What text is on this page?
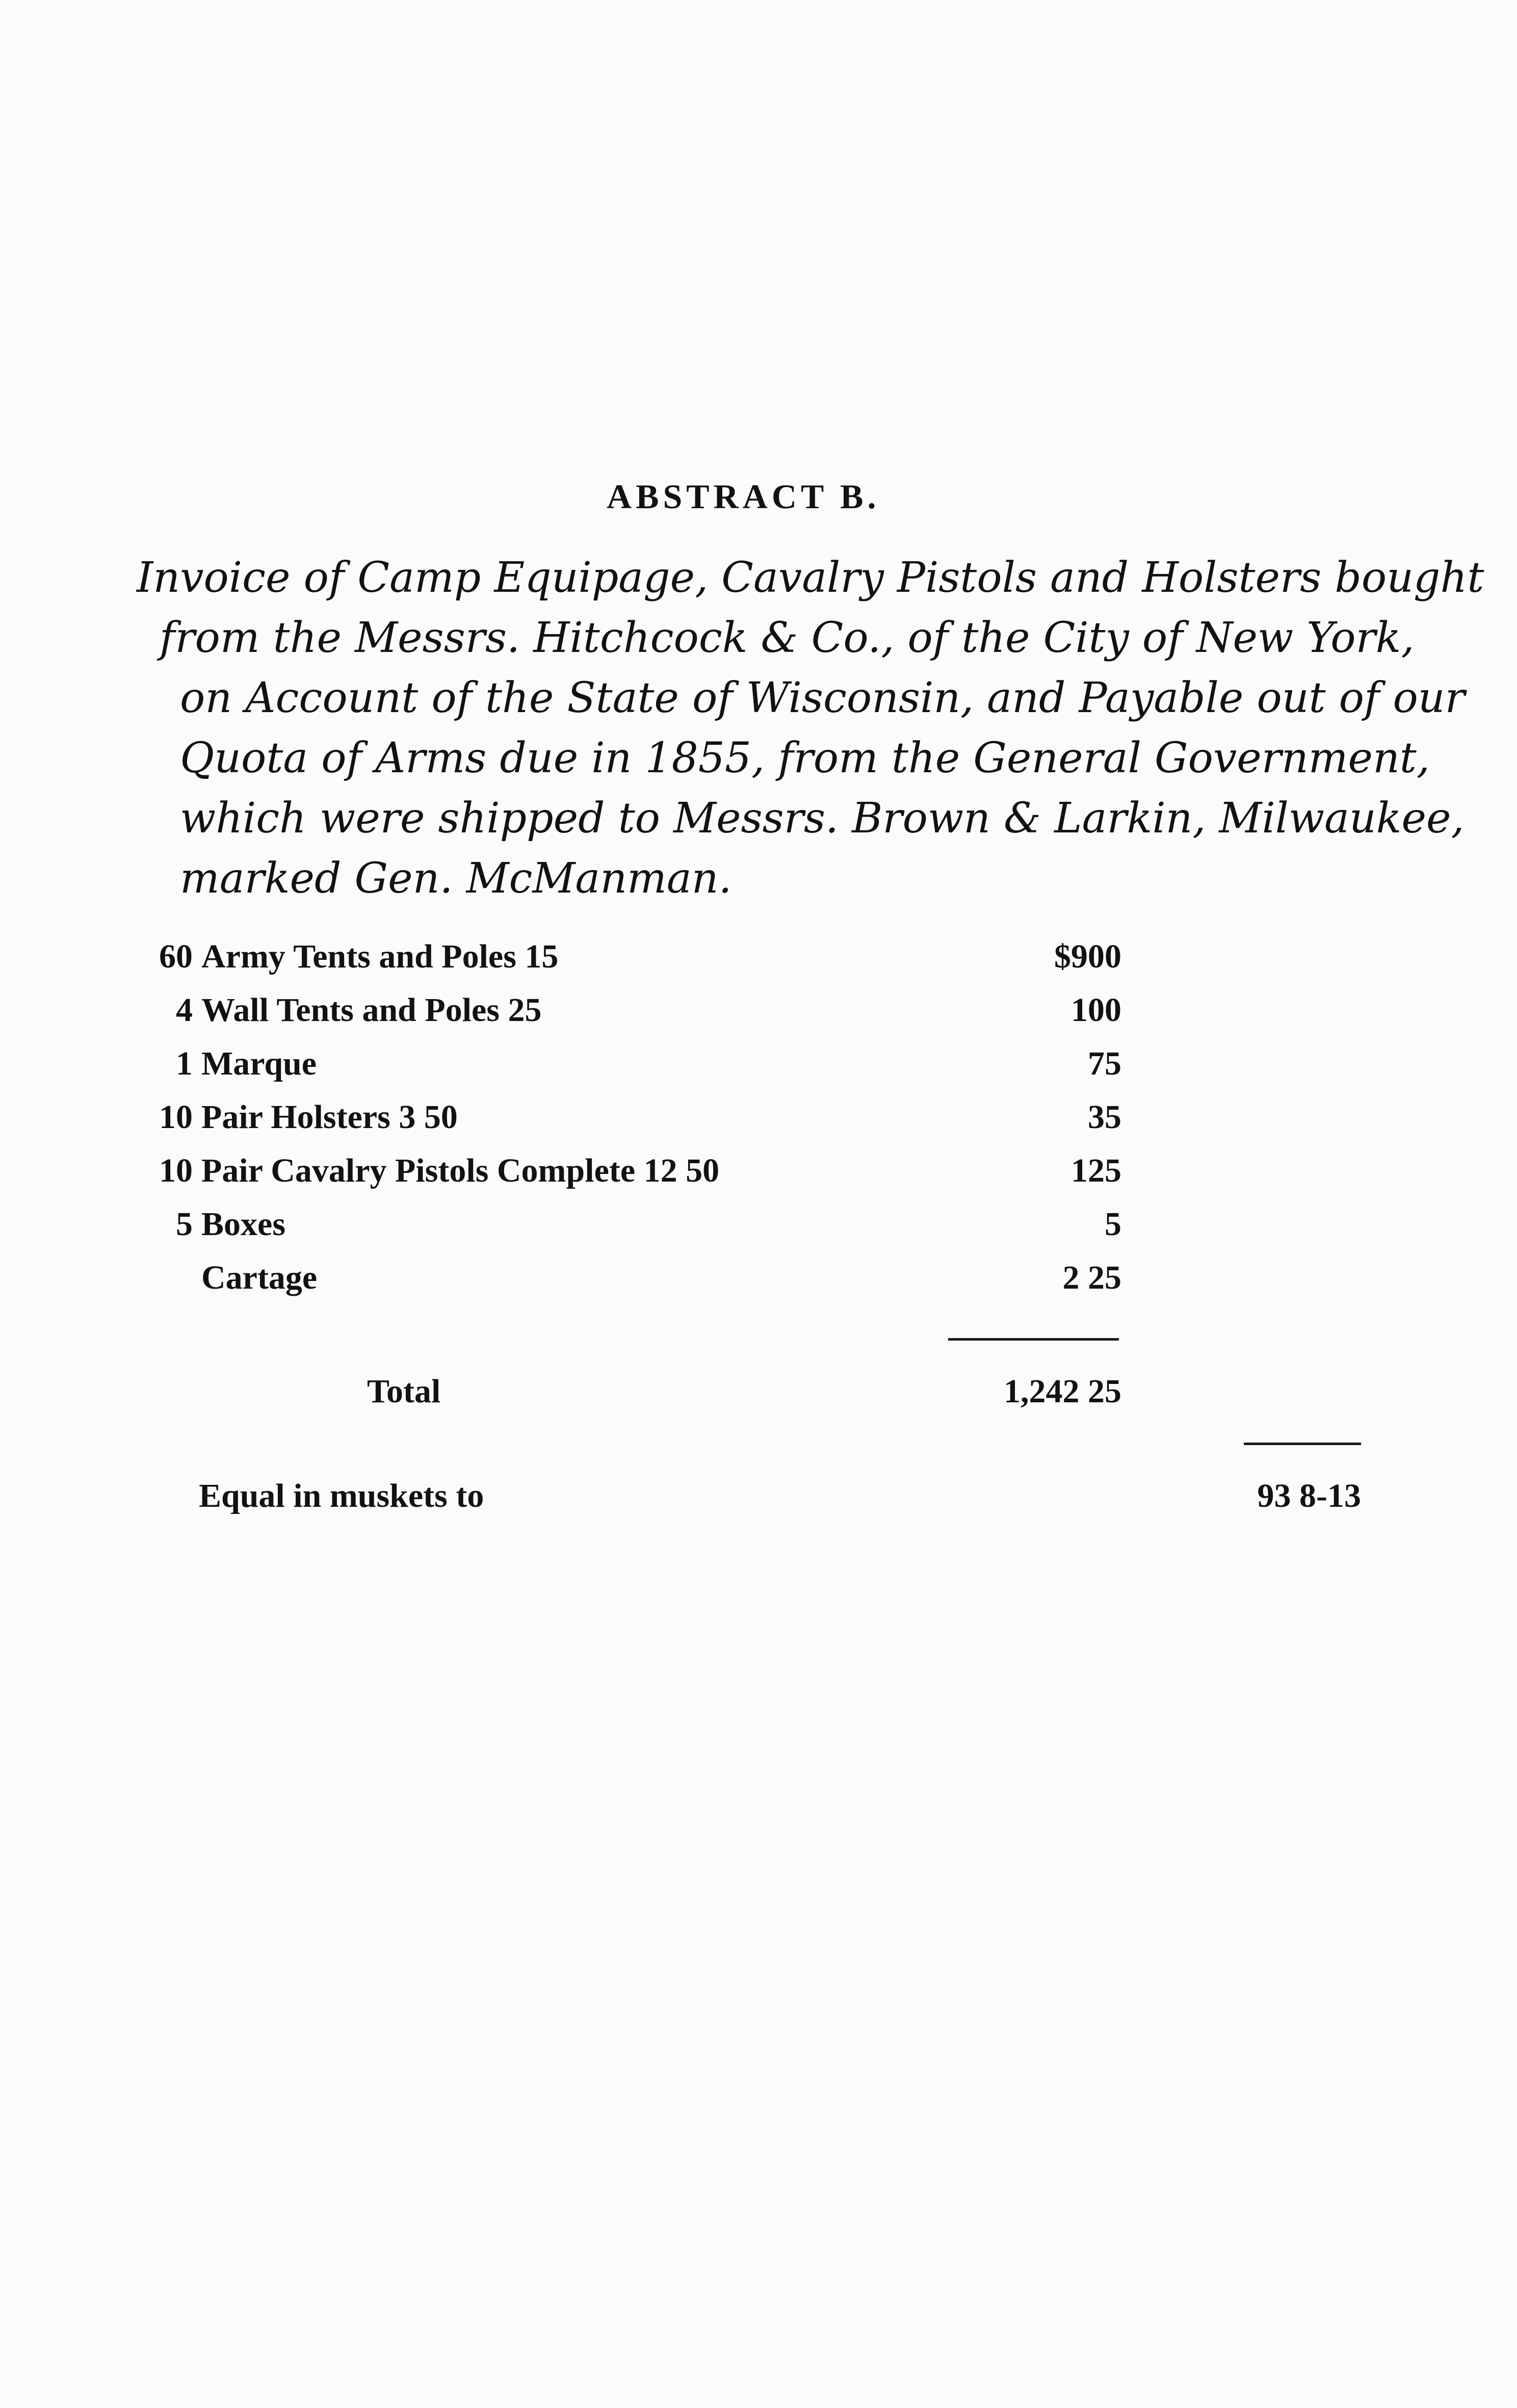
ABSTRACT B.
Invoice of Camp Equipage, Cavalry Pistols and Holsters bought
from the Messrs. Hitchcock & Co., of the City of New York,
on Account of the State of Wisconsin, and Payable out of our
Quota of Arms due in 1855, from the General Government,
which were shipped to Messrs. Brown & Larkin, Milwaukee,
marked Gen. McManman.
60 Army Tents and Poles 15	$900
4 Wall Tents and Poles 25	100
1 Marque	75
10 Pair Holsters 3 50	35
10 Pair Cavalry Pistols Complete 12 50	125
5 Boxes	5
Cartage	2 25
Total	1,242 25
Equal in muskets to	93 8-13
